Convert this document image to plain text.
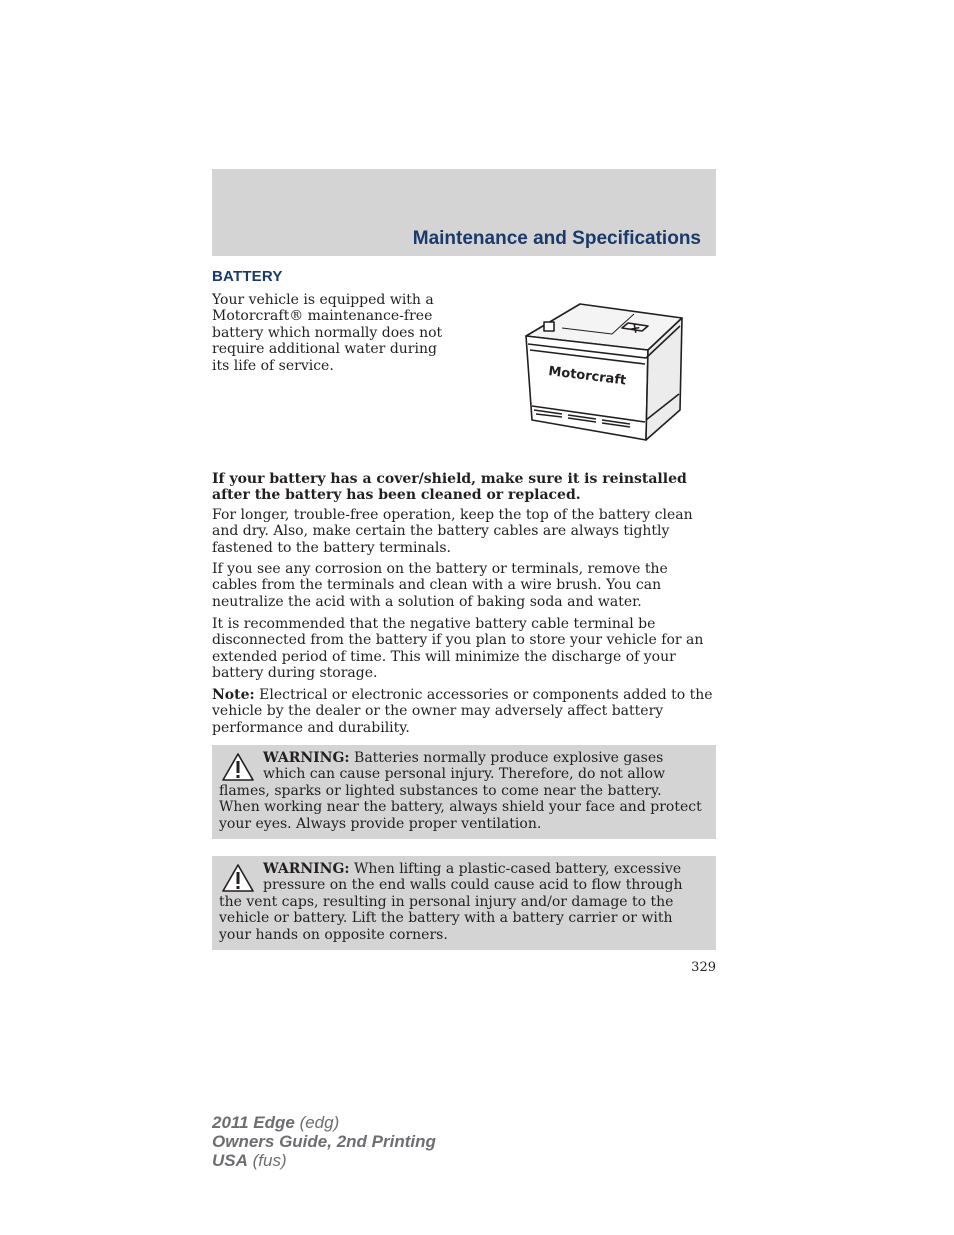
Maintenance and Specifications
BATTERY
Your vehicle is equipped with a Motorcraft® maintenance-free battery which normally does not require additional water during its life of service.
+
Motorcraft

If your battery has a cover/shield, make sure it is reinstalled after the battery has been cleaned or replaced.

For longer, trouble-free operation, keep the top of the battery clean and dry. Also, make certain the battery cables are always tightly fastened to the battery terminals.

If you see any corrosion on the battery or terminals, remove the cables from the terminals and clean with a wire brush. You can neutralize the acid with a solution of baking soda and water.

It is recommended that the negative battery cable terminal be disconnected from the battery if you plan to store your vehicle for an extended period of time. This will minimize the discharge of your battery during storage.

Note: Electrical or electronic accessories or components added to the vehicle by the dealer or the owner may adversely affect battery performance and durability.

WARNING: Batteries normally produce explosive gases which can cause personal injury. Therefore, do not allow flames, sparks or lighted substances to come near the battery. When working near the battery, always shield your face and protect your eyes. Always provide proper ventilation.
WARNING: When lifting a plastic-cased battery, excessive pressure on the end walls could cause acid to flow through the vent caps, resulting in personal injury and/or damage to the vehicle or battery. Lift the battery with a battery carrier or with your hands on opposite corners.
329
2011 Edge (edg)
Owners Guide, 2nd Printing
USA (fus)
